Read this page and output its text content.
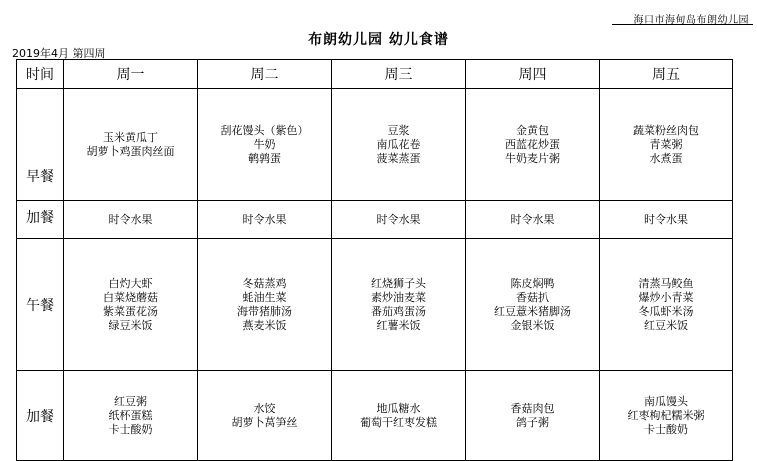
海口市海甸岛布朗幼儿园
布朗幼儿园 幼儿食谱
2019年4月 第四周
时间	周一	周二	周三	周四	周五
早餐	玉米黄瓜丁
胡萝卜鸡蛋肉丝面	刮花馒头（紫色）
牛奶
鹌鹑蛋	豆浆
南瓜花卷
菠菜蒸蛋	金黄包
西蓝花炒蛋
牛奶麦片粥	蔬菜粉丝肉包
青菜粥
水煮蛋

加餐	时令水果	时令水果	时令水果	时令水果	时令水果

午餐	白灼大虾
白菜烧蘑菇
紫菜蛋花汤
绿豆米饭	冬菇蒸鸡
蚝油生菜
海带猪肺汤
燕麦米饭	红烧狮子头
素炒油麦菜
番茄鸡蛋汤
红薯米饭	陈皮焖鸭
香菇扒
红豆薏米猪脚汤
金银米饭	清蒸马鲛鱼
爆炒小青菜
冬瓜虾米汤
红豆米饭

加餐	红豆粥
纸杯蛋糕
卡士酸奶	水饺
胡萝卜莴笋丝	地瓜糖水
葡萄干红枣发糕	香菇肉包
鸽子粥	南瓜馒头
红枣枸杞糯米粥
卡士酸奶
